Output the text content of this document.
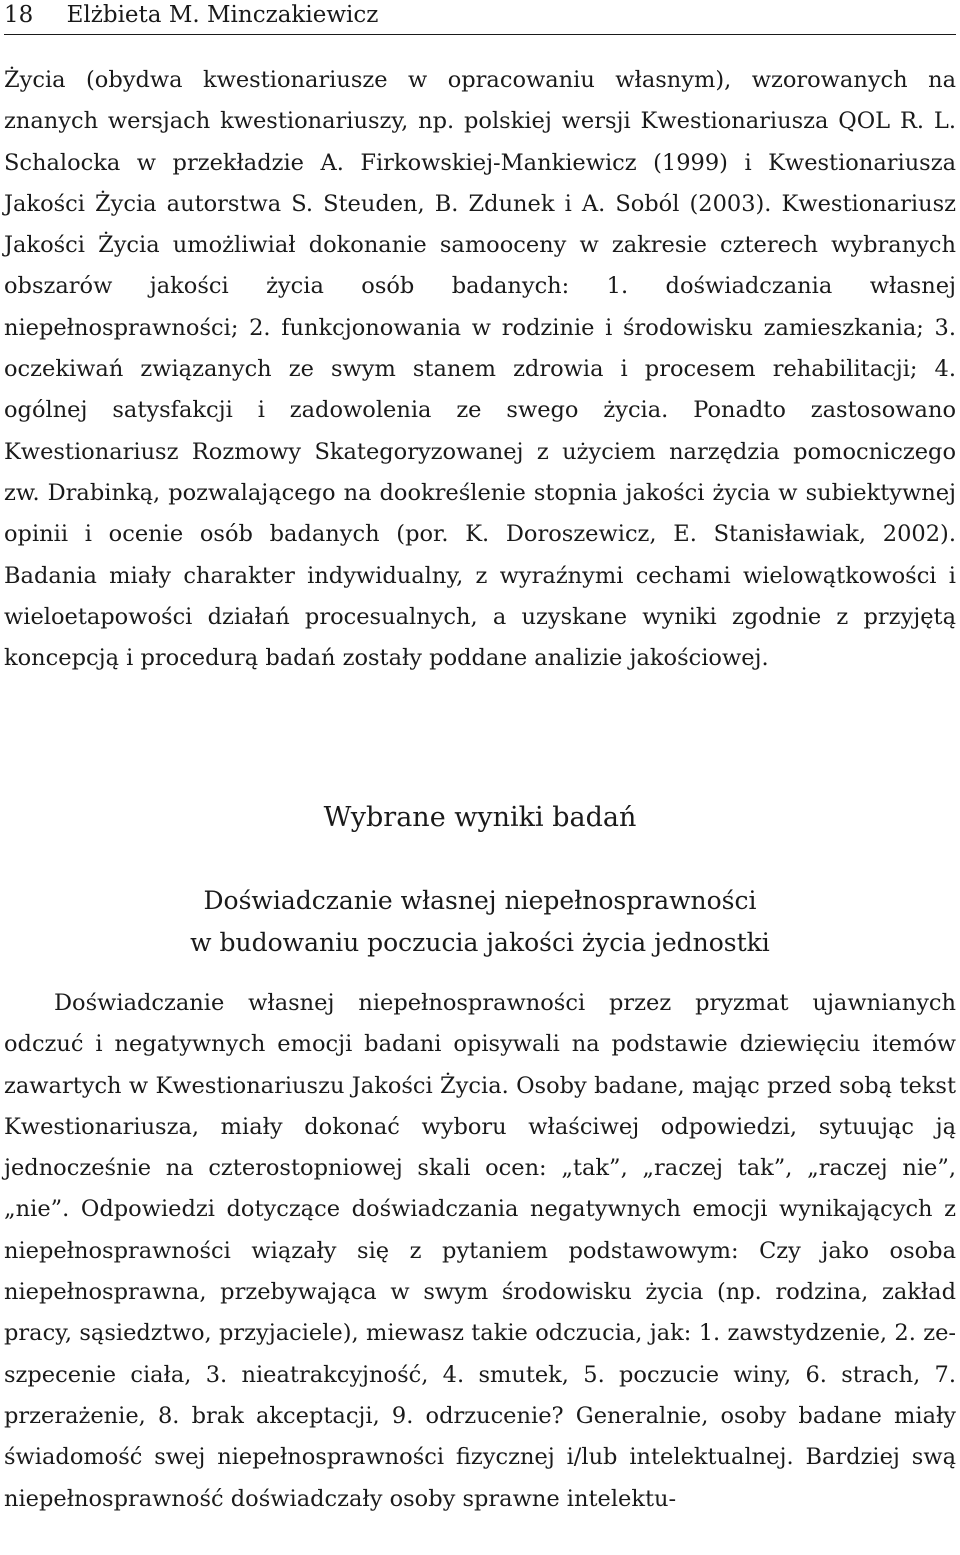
18 Elżbieta M. Minczakiewicz

Życia (obydwa kwestionariusze w opracowaniu własnym), wzorowanych na znanych wersjach kwestionariuszy, np. polskiej wersji Kwestionariusza QOL R. L. Schalocka w przekładzie A. Firkowskiej-Mankiewicz (1999) i Kwestionariusza Jakości Życia autorstwa S. Steuden, B. Zdunek i A. Soból (2003). Kwestionariusz Jakości Życia umożliwiał dokonanie samooceny w zakresie czterech wybranych obszarów jakości życia osób badanych: 1. doświadczania własnej niepełnosprawności; 2. funkcjonowania w rodzinie i środowisku zamieszkania; 3. oczekiwań związanych ze swym stanem zdrowia i procesem rehabilitacji; 4. ogólnej satysfakcji i zadowolenia ze swego życia. Ponadto zastosowano Kwestionariusz Rozmowy Skategoryzowanej z użyciem narzędzia pomocniczego zw. Drabinką, pozwalającego na dookreślenie stopnia jakości życia w subiektywnej opinii i ocenie osób badanych (por. K. Doroszewicz, E. Stanisławiak, 2002). Badania miały charakter indywidualny, z wyraźnymi cechami wielowątkowości i wieloetapowości działań procesualnych, a uzyskane wyniki zgodnie z przyjętą koncepcją i procedurą badań zostały poddane analizie jakościowej.

Wybrane wyniki badań
Doświadczanie własnej niepełnosprawności
w budowaniu poczucia jakości życia jednostki

Doświadczanie własnej niepełnosprawności przez pryzmat ujawnianych odczuć i negatywnych emocji badani opisywali na podstawie dziewięciu itemów zawartych w Kwestionariuszu Jakości Życia. Osoby badane, mając przed sobą tekst Kwestionariusza, miały dokonać wyboru właściwej odpowiedzi, sytuując ją jednocześnie na czterostopniowej skali ocen: „tak”, „raczej tak”, „raczej nie”, „nie”. Odpowiedzi dotyczące doświadczania negatywnych emocji wynikających z niepełnosprawności wiązały się z pytaniem podstawowym: Czy jako osoba niepełnosprawna, przebywająca w swym środowisku życia (np. rodzina, zakład pracy, sąsiedztwo, przyjaciele), miewasz takie odczucia, jak: 1. zawstydzenie, 2. zeszpecenie ciała, 3. nieatrakcyjność, 4. smutek, 5. poczucie winy, 6. strach, 7. przerażenie, 8. brak akceptacji, 9. odrzucenie? Generalnie, osoby badane miały świadomość swej niepełnosprawności fizycznej i/lub intelektualnej. Bardziej swą niepełnosprawność doświadczały osoby sprawne intelektu-
